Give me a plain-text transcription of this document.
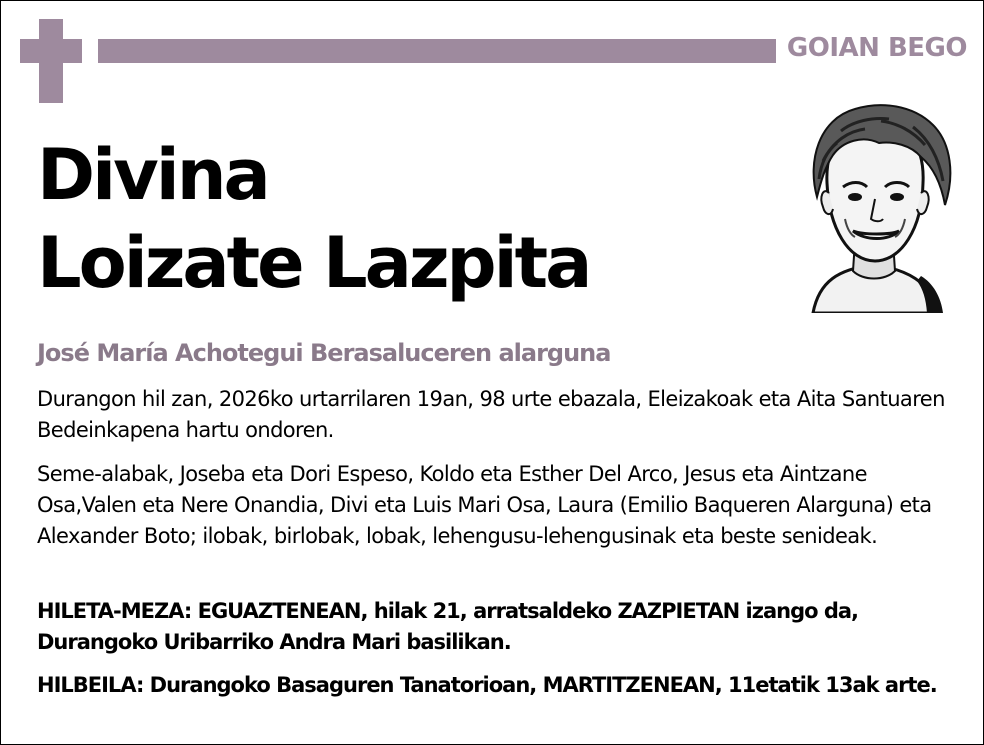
GOIAN BEGO
Divina
Loizate Lazpita

José María Achotegui Berasaluceren alarguna

Durangon hil zan, 2026ko urtarrilaren 19an, 98 urte ebazala, Eleizakoak eta Aita Santuaren Bedeinkapena hartu ondoren.

Seme-alabak, Joseba eta Dori Espeso, Koldo eta Esther Del Arco, Jesus eta Aintzane Osa,Valen eta Nere Onandia, Divi eta Luis Mari Osa, Laura (Emilio Baqueren Alarguna) eta Alexander Boto; ilobak, birlobak, lobak, lehengusu-lehengusinak eta beste senideak.

HILETA-MEZA: EGUAZTENEAN, hilak 21, arratsaldeko ZAZPIETAN izango da, Durangoko Uribarriko Andra Mari basilikan.

HILBEILA: Durangoko Basaguren Tanatorioan, MARTITZENEAN, 11etatik 13ak arte.
